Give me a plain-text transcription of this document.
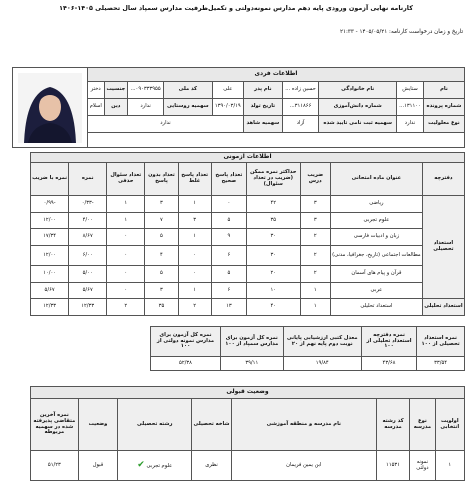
کارنامه نهایی آزمون ورودی پایه دهم مدارس نمونه‌دولتی و تکمیل‌ظرفیت مدارس سمپاد سال تحصیلی ۱۴۰۵-۱۴۰۶
تاریخ و زمان درخواست کارنامه: ۱۴۰۵/۰۵/۲۱ - ۲۱:۳۳
اطلاعات فردی	

نام	ستایش	نام خانوادگی	حسین زاده ...	نام پدر	علی	کد ملی	۰۹۰۳۳۳۹۵۵...	جنسیت	دختر	
شماره پرونده	۱۳۱۱۰۰...	شماره دانش‌آموزی	۳۱۱۸۶۶...	تاریخ تولد	۱۳۹۰/۰۳/۱۹	سهمیه روستایی	ندارد	دین	اسلام	
نوع معلولیت	ندارد	سهمیه ثبت نامی تایید شده	آزاد	سهمیه شاهد	ندارد					

اطلاعات آزمونی									
دفترچه	عنوان ماده امتحانی	ضریب درس	حداکثر نمره ممکن (ضریب در تعداد سئوال)	تعداد پاسخ صحیح	تعداد پاسخ غلط	تعداد بدون پاسخ	تعداد سئوال حذفی	نمره	نمره با ضریب
استعداد تحصیلی	ریاضی	۳	۴۲	۰	۱	۳	۱	-۰/۳۳	-۰/۹۹
	علوم تجربی	۳	۳۵	۵	۳	۷	۱	۴/۰۰	۱۲/۰۰
	زبان و ادبیات فارسی	۲	۳۰	۹	۱	۵	۰	۸/۶۷	۱۷/۳۴
	مطالعات اجتماعی (تاریخ، جغرافیا، مدنی)	۲	۳۰	۶	۰	۴	۰	۶/۰۰	۱۲/۰۰
	قرآن و پیام های آسمان	۲	۲۰	۵	۰	۵	۰	۵/۰۰	۱۰/۰۰
	عربی	۱	۱۰	۶	۱	۳	۰	۵/۶۷	۵/۶۷
استعداد تحلیلی	استعداد تحلیلی	۱	۴۰	۱۳	۲	۳۵	۲	۱۲/۳۳	۱۲/۳۳
نمره استعداد تحصیلی از ۱۰۰	نمره دفترچه استعداد تحلیلی از ۱۰۰	معدل کتبی ارزشیابی پایانی نوبت دوم پایه نهم از ۲۰	نمره کل آزمون برای مدارس سمپاد از ۱۰۰	نمره کل آزمون برای مدارس نمونه دولتی از ۱۰۰
۳۳/۵۴	۴۳/۶۸	۱۹/۸۴	۳۹/۱۱	۵۲/۳۸
وضعیت قبولی							
اولویت انتخابی	نوع مدرسه	کد رشته مدرسه	نام مدرسه و منطقه آموزشی	شاخه تحصیلی	رشته تحصیلی	وضعیت	نمره آخرین متقاضی پذیرفته شده در سهمیه مربوطه
۱	نمونه دولتی	۱۱۵۳۱	ابن یمین فریمان	نظری	علوم تجربی ✔	قبول	۵۱/۲۳
